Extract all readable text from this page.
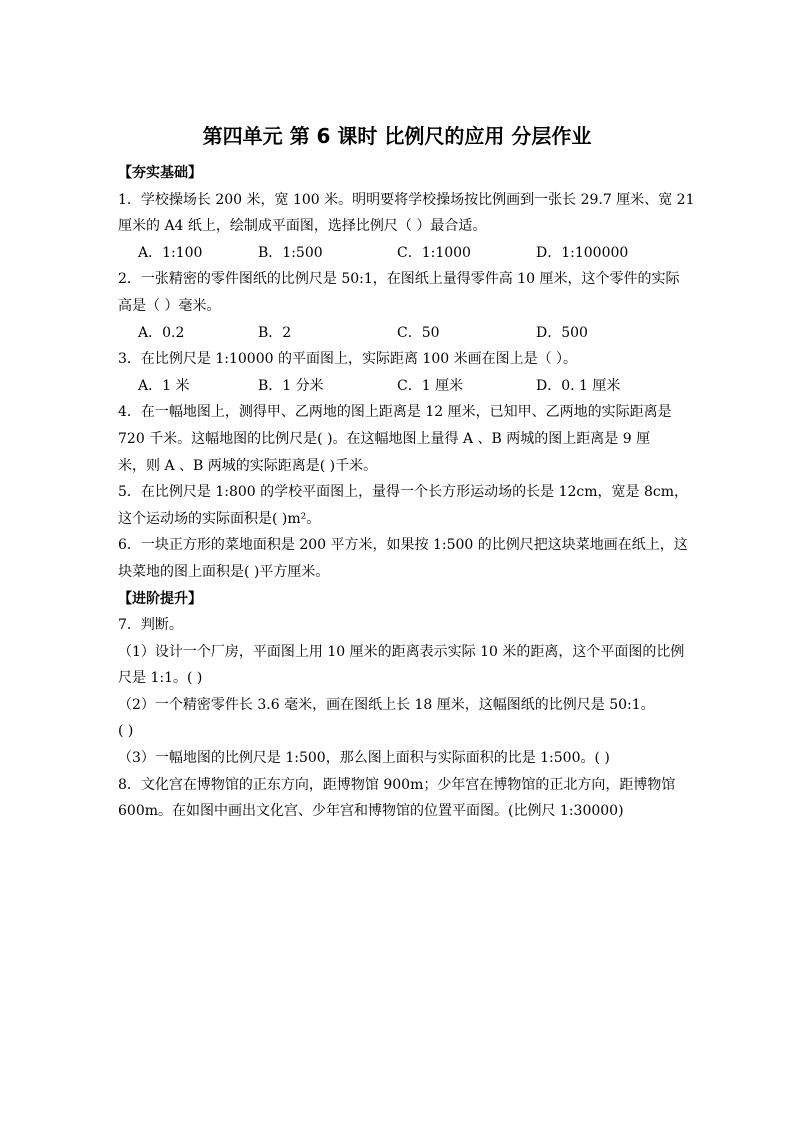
第四单元 第 6 课时 比例尺的应用 分层作业
【夯实基础】
1．学校操场长 200 米，宽 100 米。明明要将学校操场按比例画到一张长 29.7 厘米、宽 21
厘米的 A4 纸上，绘制成平面图，选择比例尺（ ）最合适。
A．1:100	B．1:500	C．1:1000	D．1:100000
2．一张精密的零件图纸的比例尺是 50:1，在图纸上量得零件高 10 厘米，这个零件的实际
高是（ ）毫米。
A．0.2	B．2	C．50	D．500
3．在比例尺是 1:10000 的平面图上，实际距离 100 米画在图上是（ ）。
A．1 米	B．1 分米	C．1 厘米	D．0. 1 厘米
4．在一幅地图上，测得甲、乙两地的图上距离是 12 厘米，已知甲、乙两地的实际距离是
720 千米。这幅地图的比例尺是( )。在这幅地图上量得 A 、B 两城的图上距离是 9 厘
米，则 A 、B 两城的实际距离是( )千米。
5．在比例尺是 1:800 的学校平面图上，量得一个长方形运动场的长是 12cm，宽是 8cm，
这个运动场的实际面积是( )m²。
6．一块正方形的菜地面积是 200 平方米，如果按 1:500 的比例尺把这块菜地画在纸上，这
块菜地的图上面积是( )平方厘米。
【进阶提升】
7．判断。
（1）设计一个厂房，平面图上用 10 厘米的距离表示实际 10 米的距离，这个平面图的比例
尺是 1:1。( )
（2）一个精密零件长 3.6 毫米，画在图纸上长 18 厘米，这幅图纸的比例尺是 50:1。
( )
（3）一幅地图的比例尺是 1:500，那么图上面积与实际面积的比是 1:500。( )
8．文化宫在博物馆的正东方向，距博物馆 900m；少年宫在博物馆的正北方向，距博物馆
600m。在如图中画出文化宫、少年宫和博物馆的位置平面图。(比例尺 1:30000)
